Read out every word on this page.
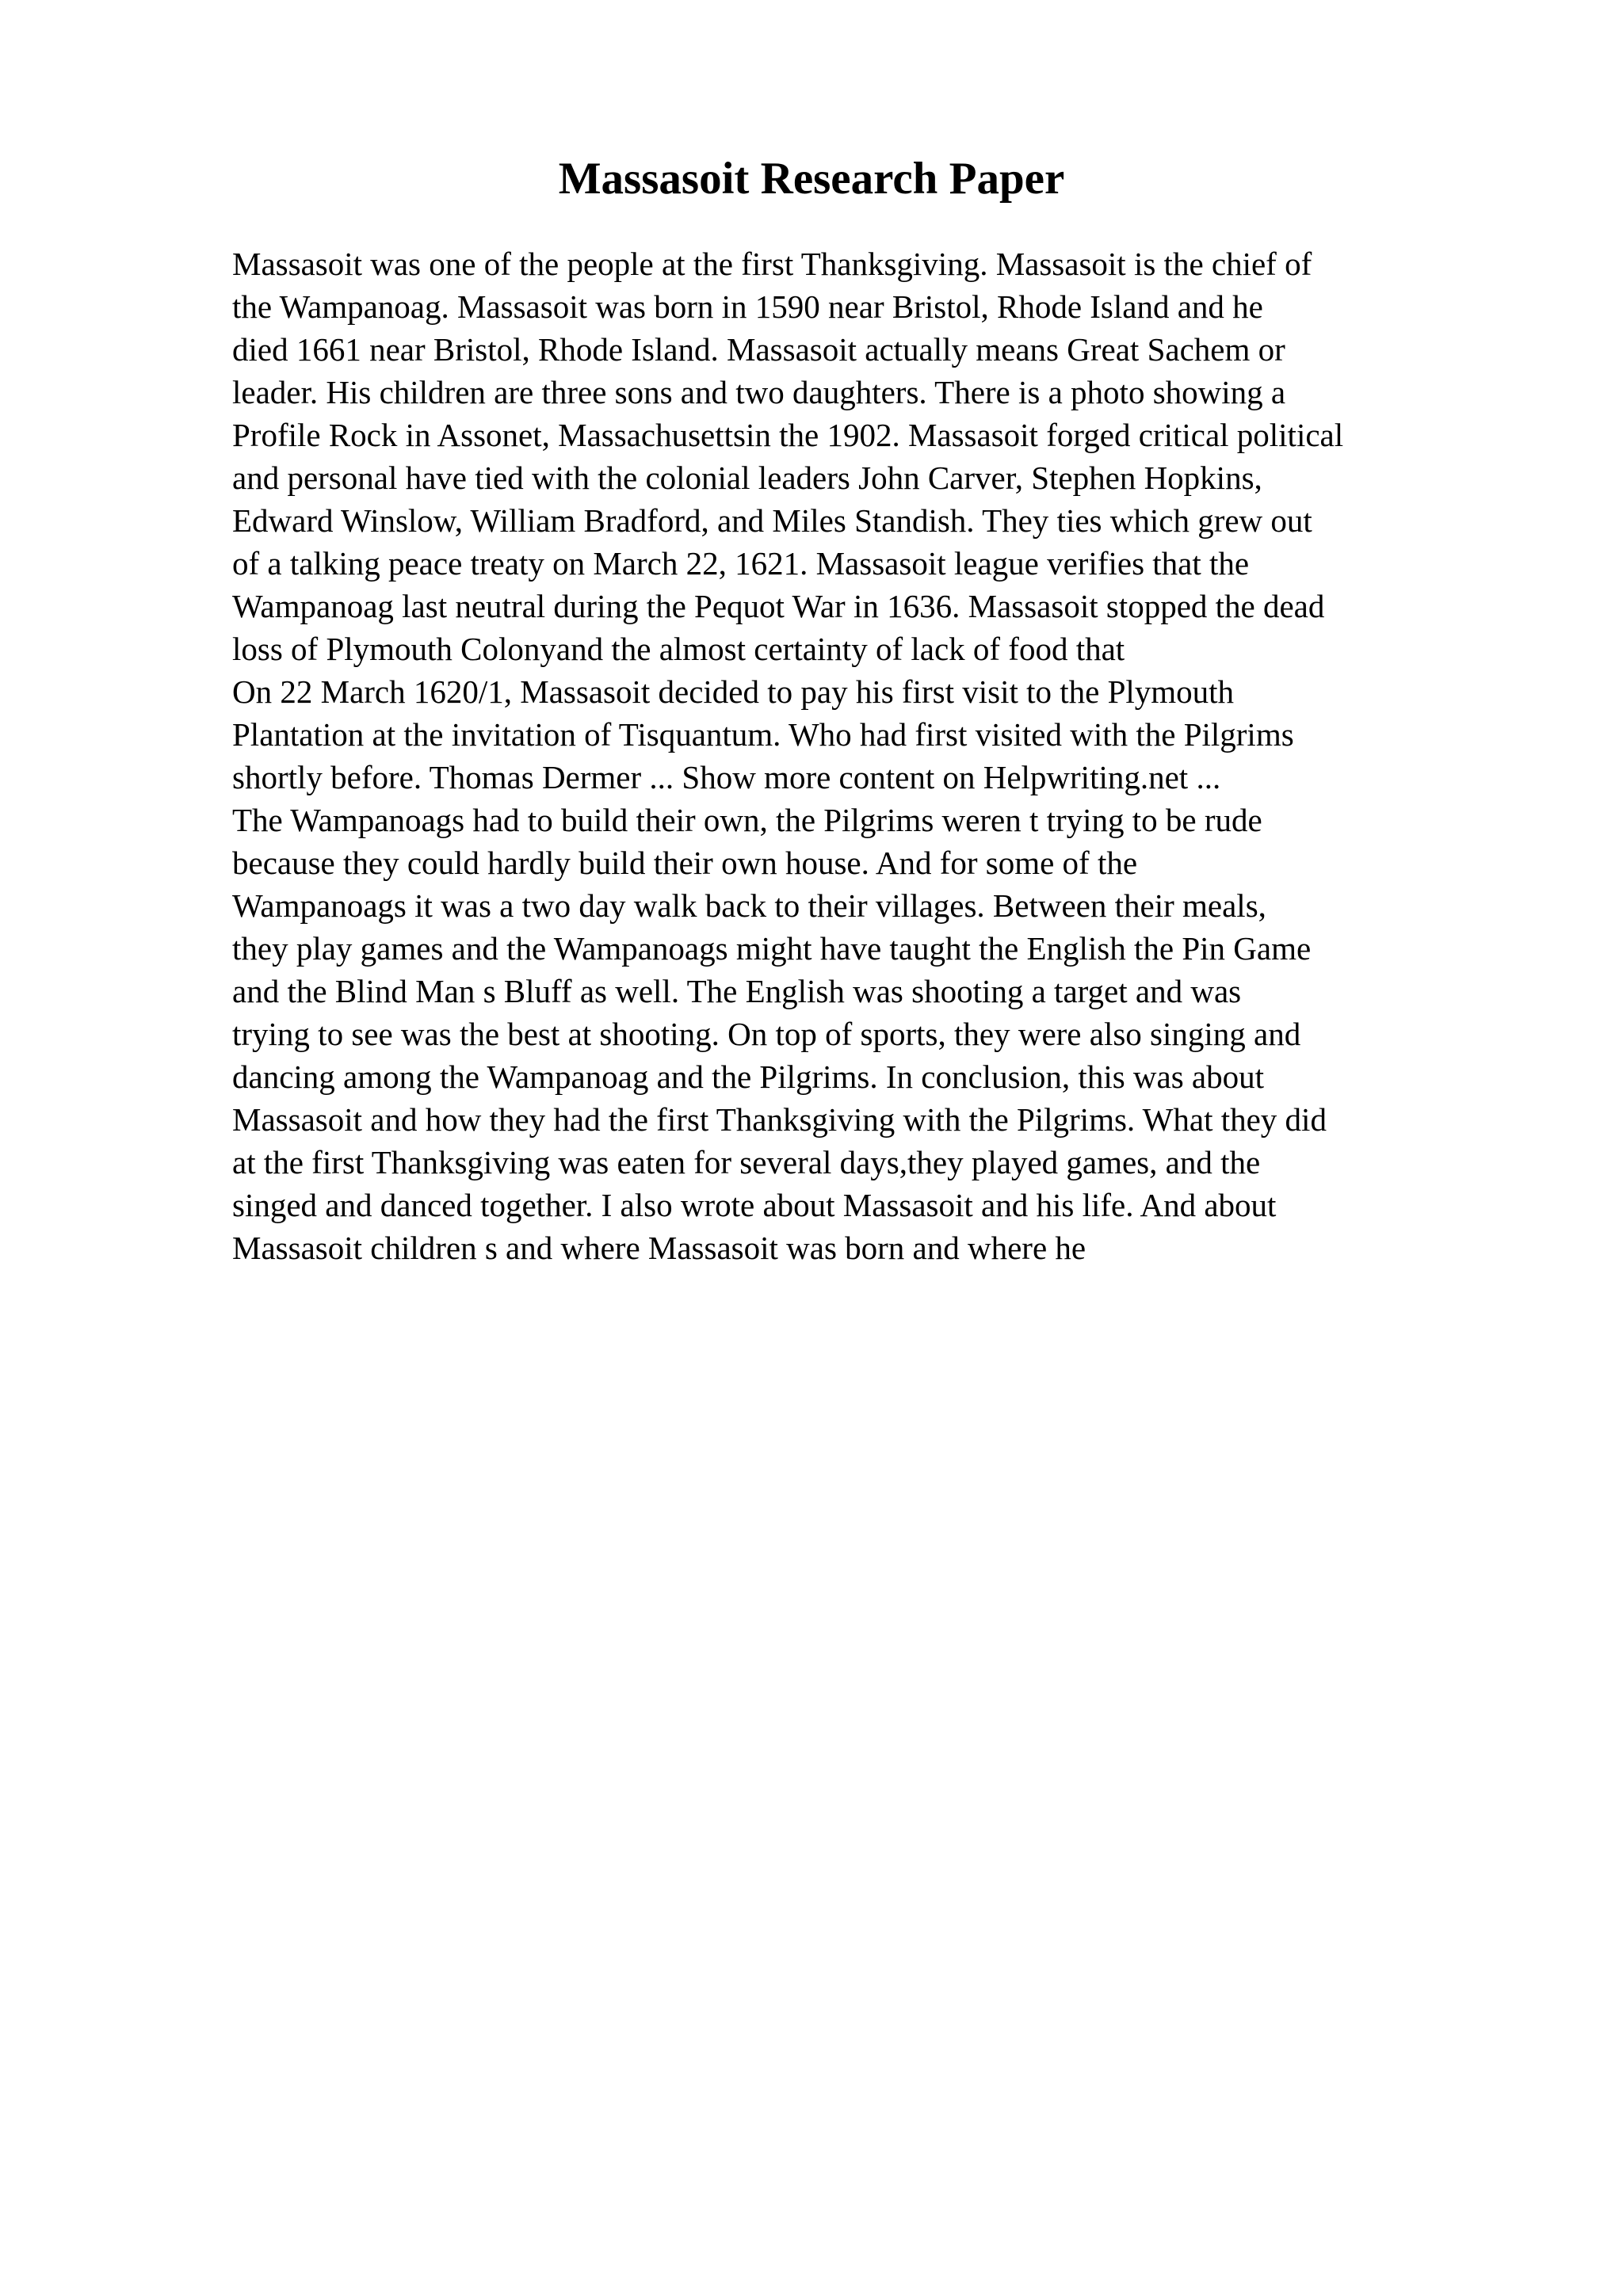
Massasoit Research Paper
Massasoit was one of the people at the first Thanksgiving. Massasoit is the chief of
the Wampanoag. Massasoit was born in 1590 near Bristol, Rhode Island and he
died 1661 near Bristol, Rhode Island. Massasoit actually means Great Sachem or
leader. His children are three sons and two daughters. There is a photo showing a
Profile Rock in Assonet, Massachusettsin the 1902. Massasoit forged critical political
and personal have tied with the colonial leaders John Carver, Stephen Hopkins,
Edward Winslow, William Bradford, and Miles Standish. They ties which grew out
of a talking peace treaty on March 22, 1621. Massasoit league verifies that the
Wampanoag last neutral during the Pequot War in 1636. Massasoit stopped the dead
loss of Plymouth Colonyand the almost certainty of lack of food that
On 22 March 1620/1, Massasoit decided to pay his first visit to the Plymouth
Plantation at the invitation of Tisquantum. Who had first visited with the Pilgrims
shortly before. Thomas Dermer ... Show more content on Helpwriting.net ...
The Wampanoags had to build their own, the Pilgrims weren t trying to be rude
because they could hardly build their own house. And for some of the
Wampanoags it was a two day walk back to their villages. Between their meals,
they play games and the Wampanoags might have taught the English the Pin Game
and the Blind Man s Bluff as well. The English was shooting a target and was
trying to see was the best at shooting. On top of sports, they were also singing and
dancing among the Wampanoag and the Pilgrims. In conclusion, this was about
Massasoit and how they had the first Thanksgiving with the Pilgrims. What they did
at the first Thanksgiving was eaten for several days,they played games, and the
singed and danced together. I also wrote about Massasoit and his life. And about
Massasoit children s and where Massasoit was born and where he
